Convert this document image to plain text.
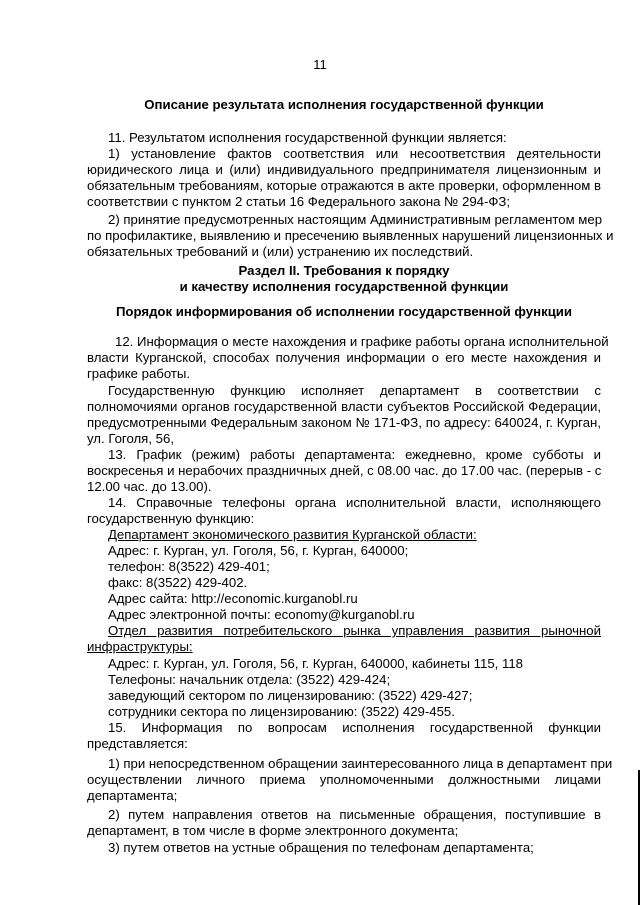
11
Описание результата исполнения государственной функции
11. Результатом исполнения государственной функции является:
1) установление фактов соответствия или несоответствия деятельности
юридического лица и (или) индивидуального предпринимателя лицензионным и
обязательным требованиям, которые отражаются в акте проверки, оформленном в
соответствии с пунктом 2 статьи 16 Федерального закона № 294-ФЗ;
2) принятие предусмотренных настоящим Административным регламентом мер
по профилактике, выявлению и пресечению выявленных нарушений лицензионных и
обязательных требований и (или) устранению их последствий.
Раздел II. Требования к порядку
и качеству исполнения государственной функции
Порядок информирования об исполнении государственной функции
12. Информация о месте нахождения и графике работы органа исполнительной
власти Курганской, способах получения информации о его месте нахождения и
графике работы.
Государственную функцию исполняет департамент в соответствии с
полномочиями органов государственной власти субъектов Российской Федерации,
предусмотренными Федеральным законом № 171-ФЗ, по адресу: 640024, г. Курган,
ул. Гоголя, 56,
13. График (режим) работы департамента: ежедневно, кроме субботы и
воскресенья и нерабочих праздничных дней, с 08.00 час. до 17.00 час. (перерыв - с
12.00 час. до 13.00).
14. Справочные телефоны органа исполнительной власти, исполняющего
государственную функцию:
Департамент экономического развития Курганской области:
Адрес: г. Курган, ул. Гоголя, 56, г. Курган, 640000;
телефон: 8(3522) 429-401;
факс: 8(3522) 429-402.
Адрес сайта: http://economic.kurganobl.ru
Адрес электронной почты: economy@kurganobl.ru
Отдел развития потребительского рынка управления развития рыночной
инфраструктуры:
Адрес: г. Курган, ул. Гоголя, 56, г. Курган, 640000, кабинеты 115, 118
Телефоны: начальник отдела: (3522) 429-424;
заведующий сектором по лицензированию: (3522) 429-427;
сотрудники сектора по лицензированию: (3522) 429-455.
15. Информация по вопросам исполнения государственной функции
представляется:
1) при непосредственном обращении заинтересованного лица в департамент при
осуществлении личного приема уполномоченными должностными лицами
департамента;
2) путем направления ответов на письменные обращения, поступившие в
департамент, в том числе в форме электронного документа;
3) путем ответов на устные обращения по телефонам департамента;
